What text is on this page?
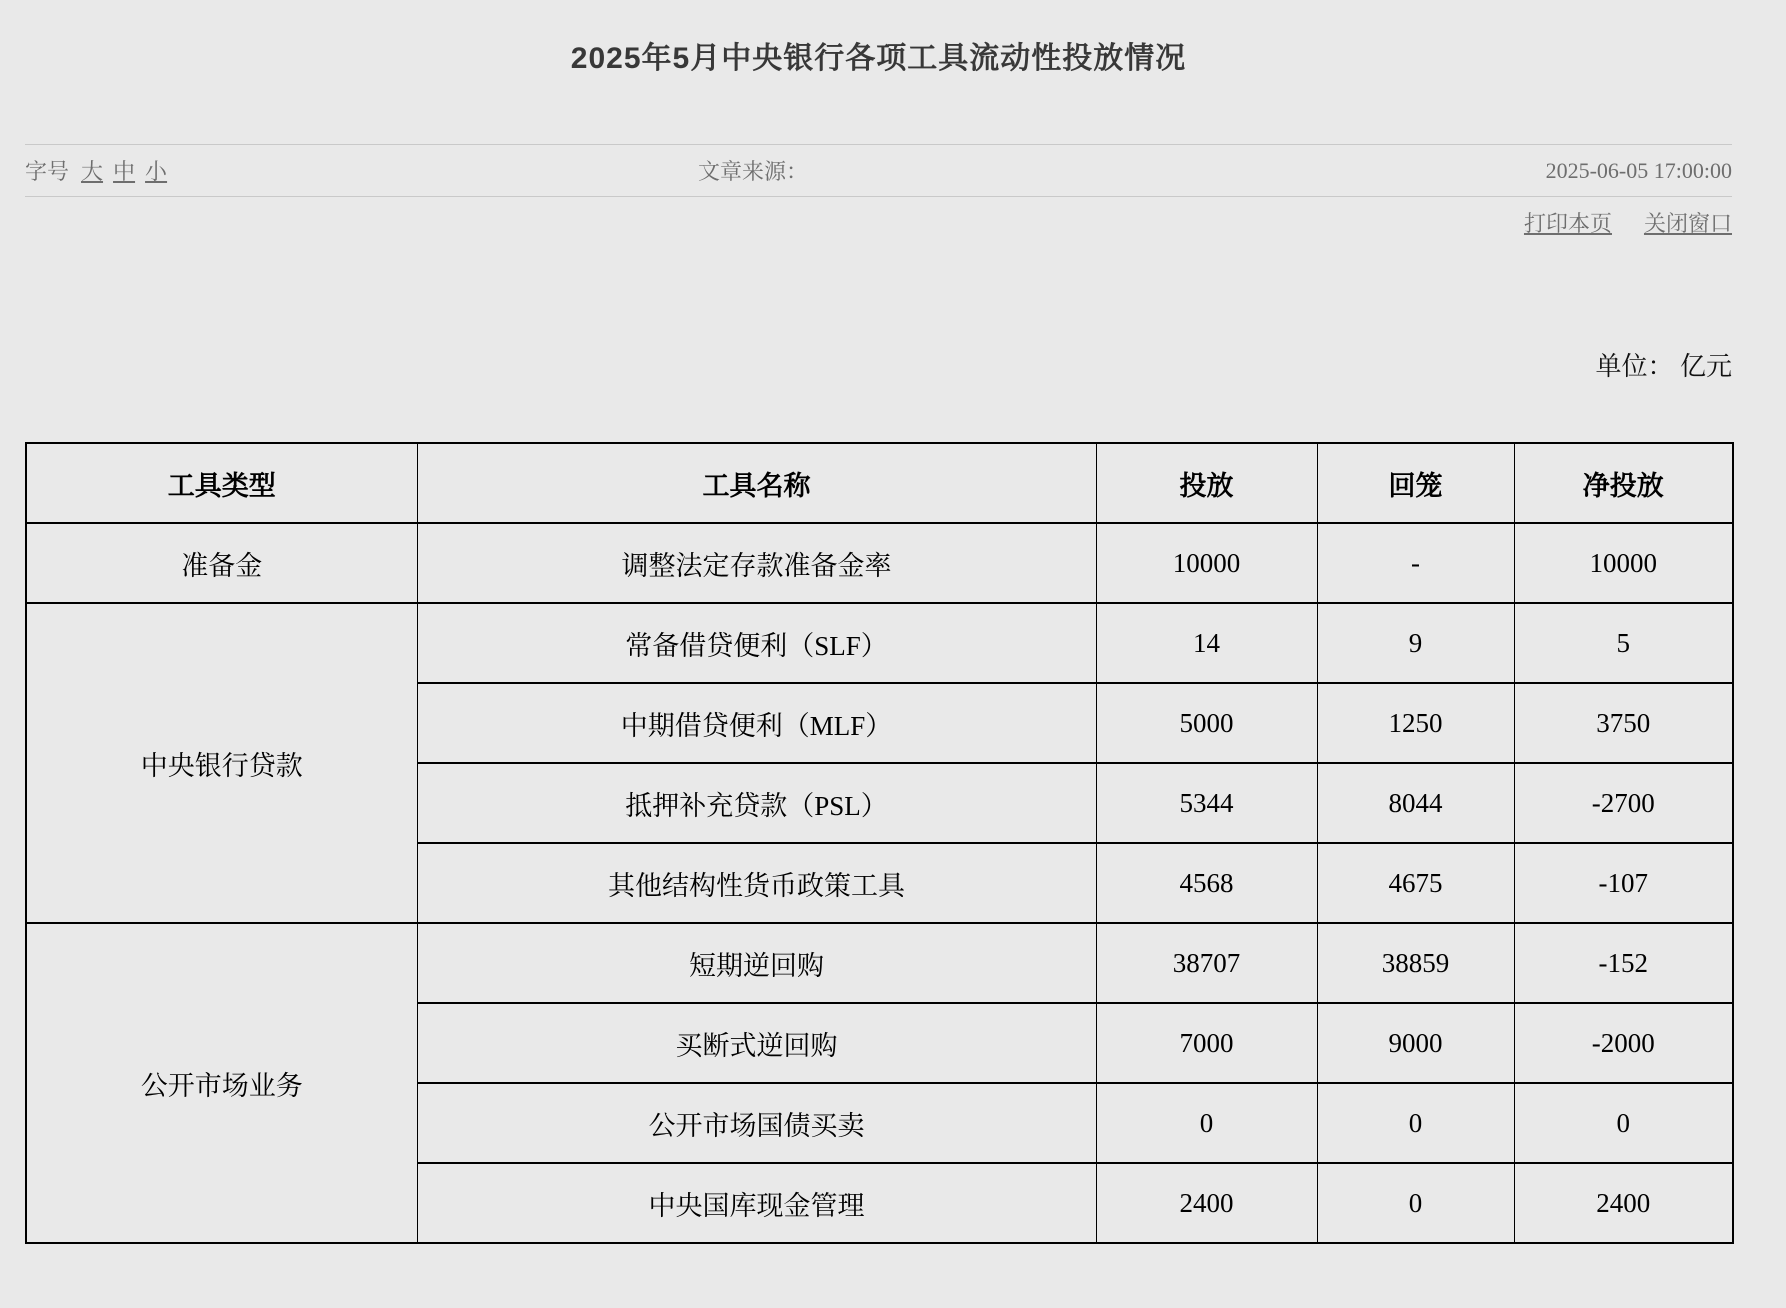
2025年5月中央银行各项工具流动性投放情况
字号 大 中 小	文章来源：	2025-06-05 17:00:00
打印本页 关闭窗口
单位： 亿元
工具类型	工具名称	投放	回笼	净投放
准备金	调整法定存款准备金率	10000	-	10000
中央银行贷款	常备借贷便利（SLF）	14	9	5
	中期借贷便利（MLF）	5000	1250	3750
	抵押补充贷款（PSL）	5344	8044	-2700
	其他结构性货币政策工具	4568	4675	-107
公开市场业务	短期逆回购	38707	38859	-152
	买断式逆回购	7000	9000	-2000
	公开市场国债买卖	0	0	0
	中央国库现金管理	2400	0	2400
